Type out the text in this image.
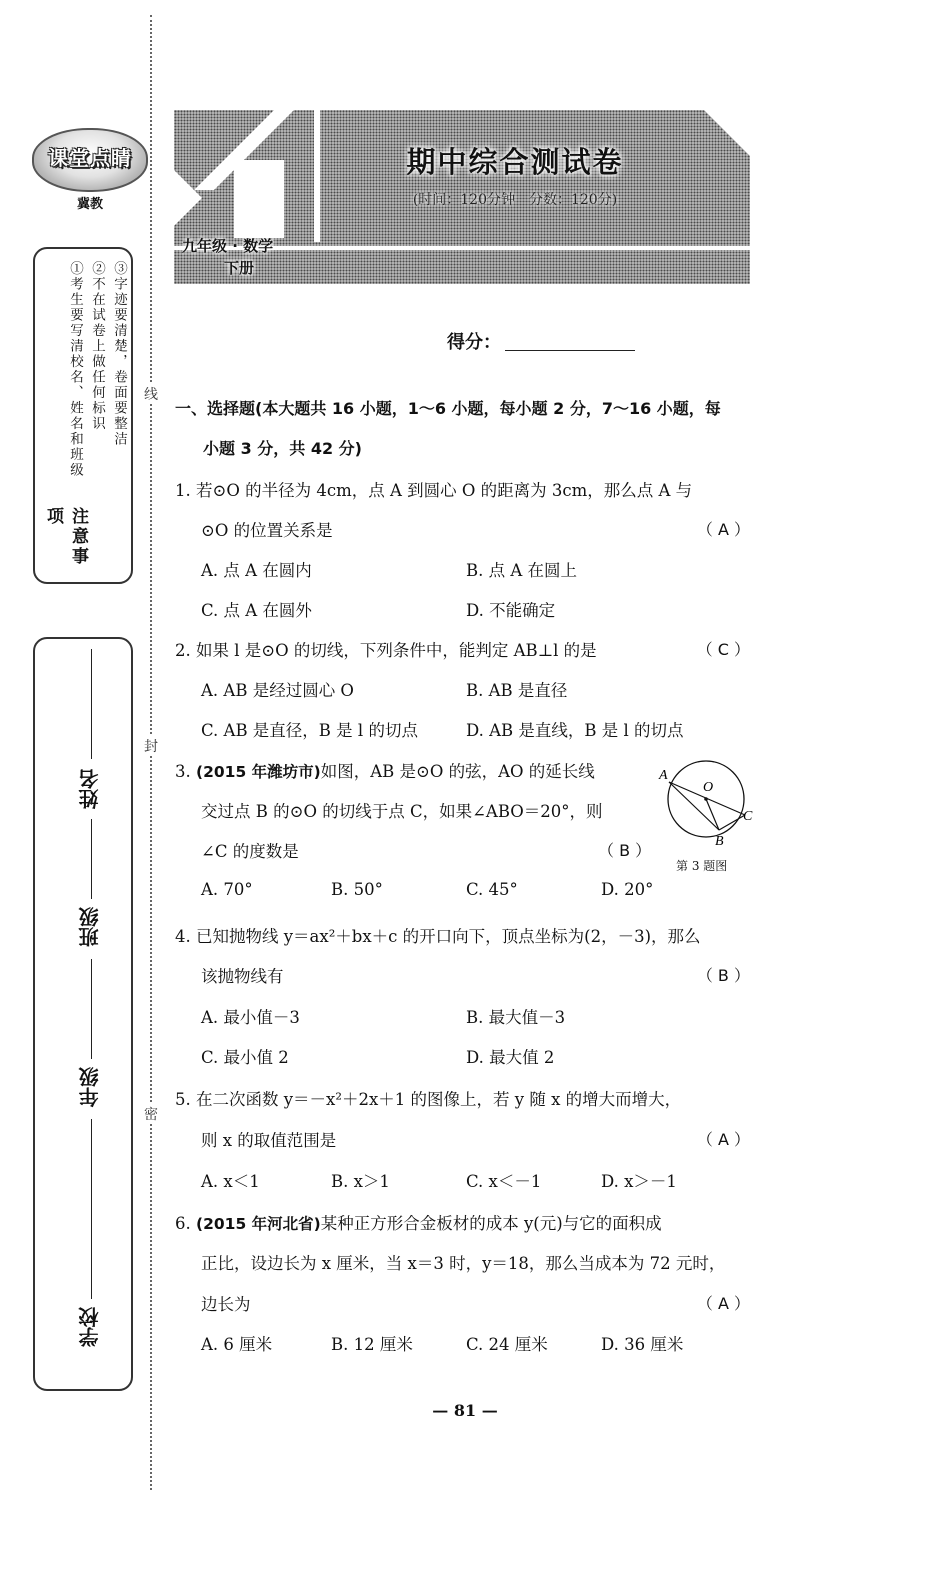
线
封
密
课堂点睛
冀教
注意事项
①考生要写清校名、姓名和班级 ②不在试卷上做任何标识 ③字迹要清楚，卷面要整洁
学校
年级
班级
姓名
期中综合测试卷
(时间：120分钟　分数：120分)
九年级 · 数学
下册
得分：
一、选择题(本大题共 16 小题，1～6 小题，每小题 2 分，7～16 小题，每
小题 3 分，共 42 分)
1. 若⊙O 的半径为 4cm，点 A 到圆心 O 的距离为 3cm，那么点 A 与
⊙O 的位置关系是	（ A ）
A. 点 A 在圆内	B. 点 A 在圆上
C. 点 A 在圆外	D. 不能确定
2. 如果 l 是⊙O 的切线，下列条件中，能判定 AB⊥l 的是	（ C ）
A. AB 是经过圆心 O	B. AB 是直径
C. AB 是直径，B 是 l 的切点	D. AB 是直线，B 是 l 的切点
3. (2015 年潍坊市)如图，AB 是⊙O 的弦，AO 的延长线
交过点 B 的⊙O 的切线于点 C，如果∠ABO＝20°，则
∠C 的度数是	（ B ）
A
O
C
B
第 3 题图
A. 70°	B. 50°	C. 45°	D. 20°
4. 已知抛物线 y＝ax²＋bx＋c 的开口向下，顶点坐标为(2，－3)，那么
该抛物线有	（ B ）
A. 最小值－3	B. 最大值－3
C. 最小值 2	D. 最大值 2
5. 在二次函数 y＝－x²＋2x＋1 的图像上，若 y 随 x 的增大而增大，
则 x 的取值范围是	（ A ）
A. x＜1	B. x＞1	C. x＜－1	D. x＞－1
6. (2015 年河北省)某种正方形合金板材的成本 y(元)与它的面积成
正比，设边长为 x 厘米，当 x＝3 时，y＝18，那么当成本为 72 元时，
边长为	（ A ）
A. 6 厘米	B. 12 厘米	C. 24 厘米	D. 36 厘米
— 81 —
